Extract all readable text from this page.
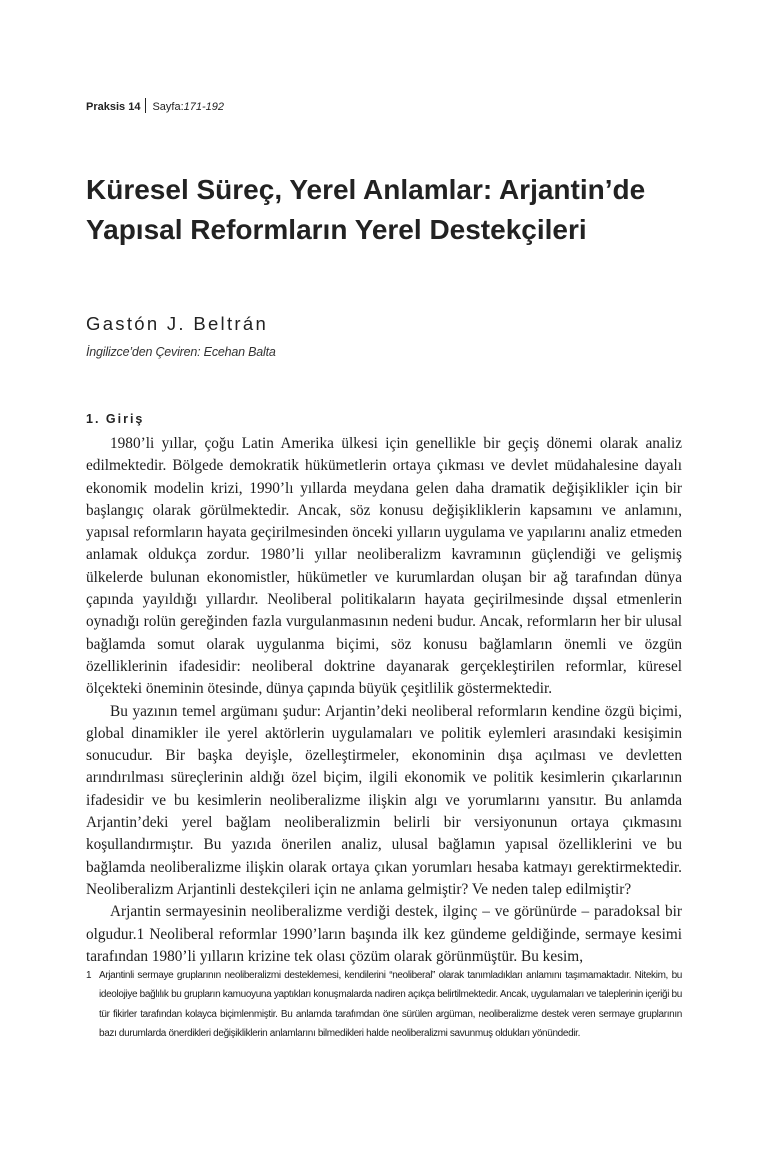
Praksis 14 Sayfa:171-192
Küresel Süreç, Yerel Anlamlar: Arjantin’de
Yapısal Reformların Yerel Destekçileri
Gastón J. Beltrán
İngilizce’den Çeviren: Ecehan Balta
1. Giriş

1980’li yıllar, çoğu Latin Amerika ülkesi için genellikle bir geçiş dönemi olarak analiz edilmektedir. Bölgede demokratik hükümetlerin ortaya çıkması ve devlet müdahalesine dayalı ekonomik modelin krizi, 1990’lı yıllarda meydana gelen daha dramatik değişiklikler için bir başlangıç olarak görülmektedir. Ancak, söz konusu değişikliklerin kapsamını ve anlamını, yapısal reformların hayata geçirilmesinden önceki yılların uygulama ve yapılarını analiz etmeden anlamak oldukça zordur. 1980’li yıllar neoliberalizm kavramının güçlendiği ve gelişmiş ülkelerde bulunan ekonomistler, hükümetler ve kurumlardan oluşan bir ağ tarafından dünya çapında yayıldığı yıllardır. Neoliberal politikaların hayata geçirilmesinde dışsal etmenlerin oynadığı rolün gereğinden fazla vurgulanmasının nedeni budur. Ancak, reformların her bir ulusal bağlamda somut olarak uygulanma biçimi, söz konusu bağlamların önemli ve özgün özelliklerinin ifadesidir: neoliberal doktrine dayanarak gerçekleştirilen reformlar, küresel ölçekteki öneminin ötesinde, dünya çapında büyük çeşitlilik göstermektedir.

Bu yazının temel argümanı şudur: Arjantin’deki neoliberal reformların kendine özgü biçimi, global dinamikler ile yerel aktörlerin uygulamaları ve politik eylemleri arasındaki kesişimin sonucudur. Bir başka deyişle, özelleştirmeler, ekonominin dışa açılması ve devletten arındırılması süreçlerinin aldığı özel biçim, ilgili ekonomik ve politik kesimlerin çıkarlarının ifadesidir ve bu kesimlerin neoliberalizme ilişkin algı ve yorumlarını yansıtır. Bu anlamda Arjantin’deki yerel bağlam neoliberalizmin belirli bir versiyonunun ortaya çıkmasını koşullandırmıştır. Bu yazıda önerilen analiz, ulusal bağlamın yapısal özelliklerini ve bu bağlamda neoliberalizme ilişkin olarak ortaya çıkan yorumları hesaba katmayı gerektirmektedir. Neoliberalizm Arjantinli destekçileri için ne anlama gelmiştir? Ve neden talep edilmiştir?

Arjantin sermayesinin neoliberalizme verdiği destek, ilginç – ve görünürde – paradoksal bir olgudur.1 Neoliberal reformlar 1990’ların başında ilk kez gündeme geldiğinde, sermaye kesimi tarafından 1980’li yılların krizine tek olası çözüm olarak görünmüştür. Bu kesim,

1 Arjantinli sermaye gruplarının neoliberalizmi desteklemesi, kendilerini “neoliberal” olarak tanımladıkları anlamını taşımamaktadır. Nitekim, bu ideolojiye bağlılık bu grupların kamuoyuna yaptıkları konuşmalarda nadiren açıkça belirtilmektedir. Ancak, uygulamaları ve taleplerinin içeriği bu tür fikirler tarafından kolayca biçimlenmiştir. Bu anlamda tarafımdan öne sürülen argüman, neoliberalizme destek veren sermaye gruplarının bazı durumlarda önerdikleri değişikliklerin anlamlarını bilmedikleri halde neoliberalizmi savunmuş oldukları yönündedir.
